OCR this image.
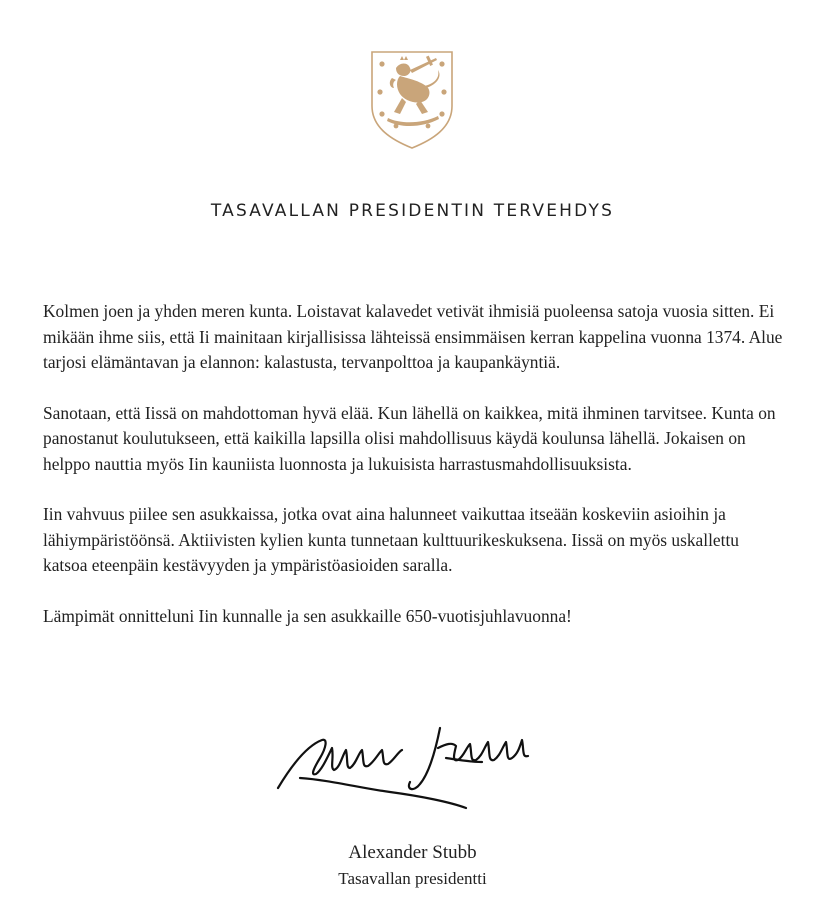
TASAVALLAN PRESIDENTIN TERVEHDYS

Kolmen joen ja yhden meren kunta. Loistavat kalavedet vetivät ihmisiä puoleensa satoja vuosia sitten. Ei mikään ihme siis, että Ii mainitaan kirjallisissa lähteissä ensimmäisen kerran kappelina vuonna 1374. Alue tarjosi elämäntavan ja elannon: kalastusta, tervanpolttoa ja kaupankäyntiä.

Sanotaan, että Iissä on mahdottoman hyvä elää. Kun lähellä on kaikkea, mitä ihminen tarvitsee. Kunta on panostanut koulutukseen, että kaikilla lapsilla olisi mahdollisuus käydä koulunsa lähellä. Jokaisen on helppo nauttia myös Iin kauniista luonnosta ja lukuisista harrastusmahdollisuuksista.

Iin vahvuus piilee sen asukkaissa, jotka ovat aina halunneet vaikuttaa itseään koskeviin asioihin ja lähiympäristöönsä. Aktiivisten kylien kunta tunnetaan kulttuurikeskuksena. Iissä on myös uskallettu katsoa eteenpäin kestävyyden ja ympäristöasioiden saralla.

Lämpimät onnitteluni Iin kunnalle ja sen asukkaille 650-vuotisjuhlavuonna!

Alexander Stubb
Tasavallan presidentti
